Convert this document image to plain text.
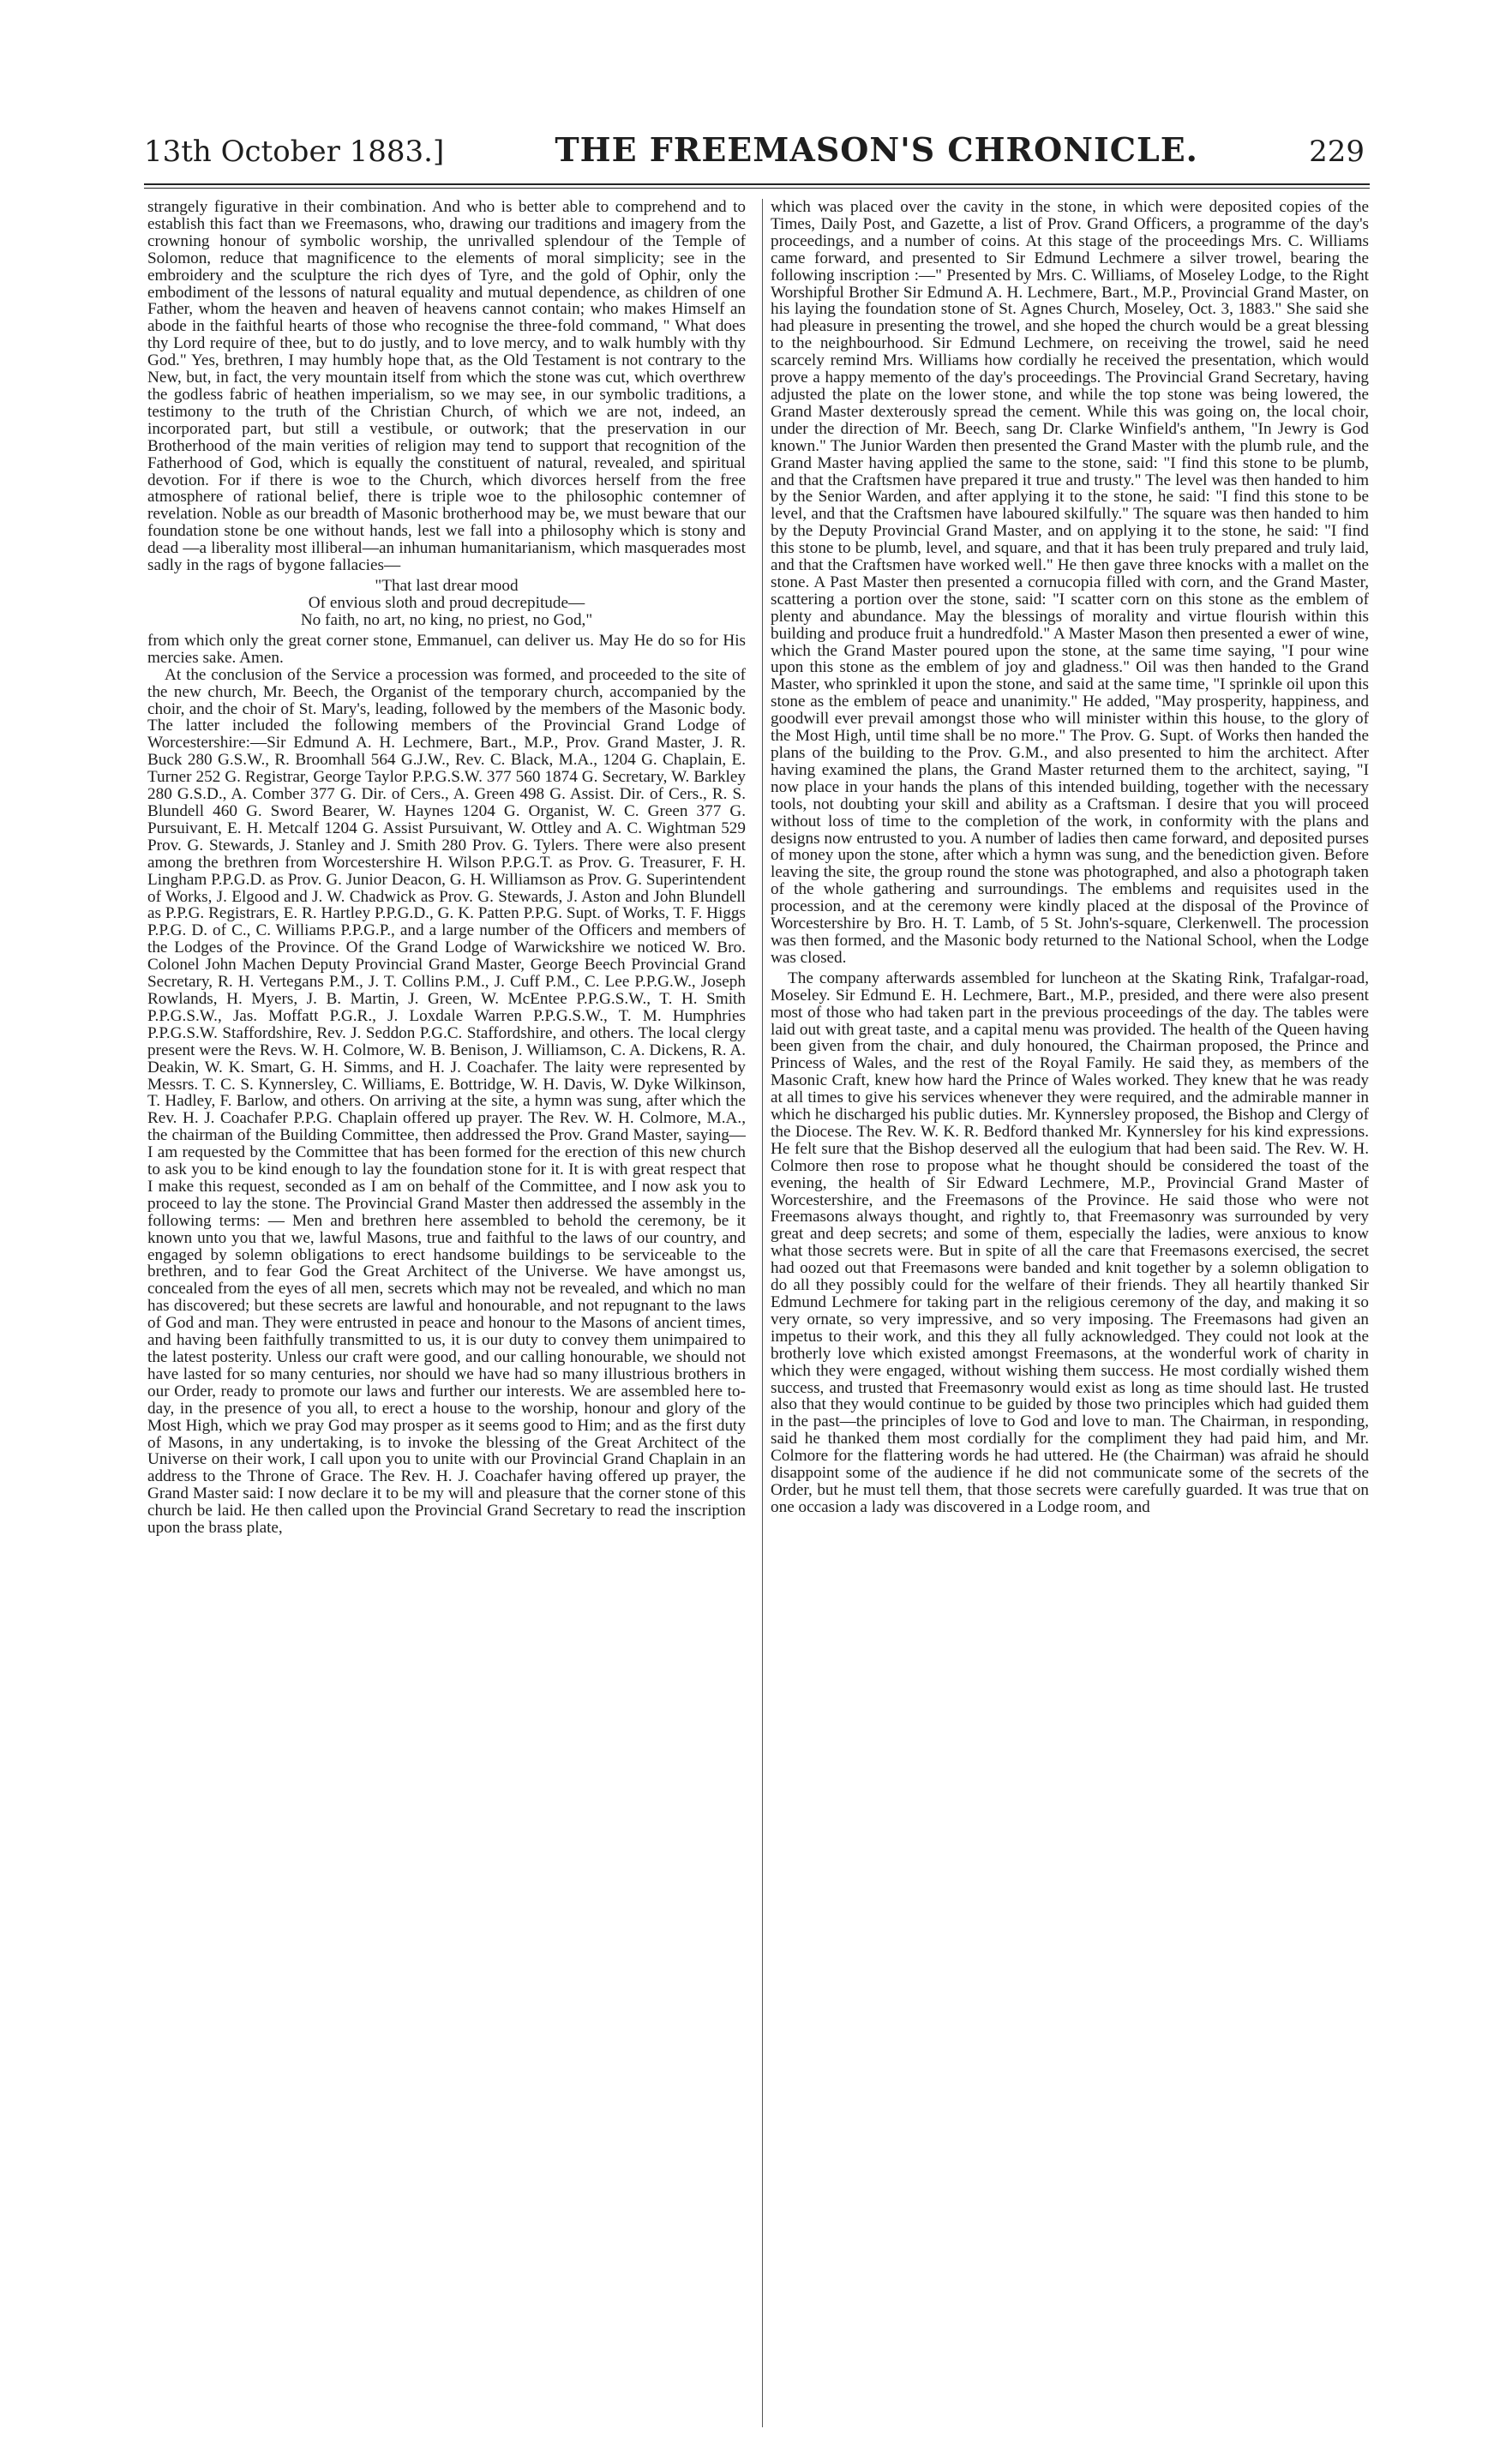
13th October 1883.]	THE FREEMASON'S CHRONICLE.	229

strangely figurative in their combination. And who is better able to comprehend and to establish this fact than we Freemasons, who, drawing our traditions and imagery from the crowning honour of symbolic worship, the unrivalled splendour of the Temple of Solomon, reduce that magnificence to the elements of moral simplicity; see in the embroidery and the sculpture the rich dyes of Tyre, and the gold of Ophir, only the embodiment of the lessons of natural equality and mutual dependence, as children of one Father, whom the heaven and heaven of heavens cannot contain; who makes Himself an abode in the faithful hearts of those who recognise the three-fold command, " What does thy Lord require of thee, but to do justly, and to love mercy, and to walk humbly with thy God." Yes, brethren, I may humbly hope that, as the Old Testament is not contrary to the New, but, in fact, the very mountain itself from which the stone was cut, which overthrew the godless fabric of heathen imperialism, so we may see, in our symbolic traditions, a testimony to the truth of the Christian Church, of which we are not, indeed, an incorporated part, but still a vestibule, or outwork; that the preservation in our Brotherhood of the main verities of religion may tend to support that recognition of the Fatherhood of God, which is equally the constituent of natural, revealed, and spiritual devotion. For if there is woe to the Church, which divorces herself from the free atmosphere of rational belief, there is triple woe to the philosophic contemner of revelation. Noble as our breadth of Masonic brotherhood may be, we must beware that our foundation stone be one without hands, lest we fall into a philosophy which is stony and dead —a liberality most illiberal—an inhuman humanitarianism, which masquerades most sadly in the rags of bygone fallacies—

"That last drear mood
Of envious sloth and proud decrepitude—
No faith, no art, no king, no priest, no God,"

from which only the great corner stone, Emmanuel, can deliver us. May He do so for His mercies sake. Amen.

At the conclusion of the Service a procession was formed, and proceeded to the site of the new church, Mr. Beech, the Organist of the temporary church, accompanied by the choir, and the choir of St. Mary's, leading, followed by the members of the Masonic body. The latter included the following members of the Provincial Grand Lodge of Worcestershire:—Sir Edmund A. H. Lechmere, Bart., M.P., Prov. Grand Master, J. R. Buck 280 G.S.W., R. Broomhall 564 G.J.W., Rev. C. Black, M.A., 1204 G. Chaplain, E. Turner 252 G. Registrar, George Taylor P.P.G.S.W. 377 560 1874 G. Secretary, W. Barkley 280 G.S.D., A. Comber 377 G. Dir. of Cers., A. Green 498 G. Assist. Dir. of Cers., R. S. Blundell 460 G. Sword Bearer, W. Haynes 1204 G. Organist, W. C. Green 377 G. Pursuivant, E. H. Metcalf 1204 G. Assist Pursuivant, W. Ottley and A. C. Wightman 529 Prov. G. Stewards, J. Stanley and J. Smith 280 Prov. G. Tylers. There were also present among the brethren from Worcestershire H. Wilson P.P.G.T. as Prov. G. Treasurer, F. H. Lingham P.P.G.D. as Prov. G. Junior Deacon, G. H. Williamson as Prov. G. Superintendent of Works, J. Elgood and J. W. Chadwick as Prov. G. Stewards, J. Aston and John Blundell as P.P.G. Registrars, E. R. Hartley P.P.G.D., G. K. Patten P.P.G. Supt. of Works, T. F. Higgs P.P.G. D. of C., C. Williams P.P.G.P., and a large number of the Officers and members of the Lodges of the Province. Of the Grand Lodge of Warwickshire we noticed W. Bro. Colonel John Machen Deputy Provincial Grand Master, George Beech Provincial Grand Secretary, R. H. Vertegans P.M., J. T. Collins P.M., J. Cuff P.M., C. Lee P.P.G.W., Joseph Rowlands, H. Myers, J. B. Martin, J. Green, W. McEntee P.P.G.S.W., T. H. Smith P.P.G.S.W., Jas. Moffatt P.G.R., J. Loxdale Warren P.P.G.S.W., T. M. Humphries P.P.G.S.W. Staffordshire, Rev. J. Seddon P.G.C. Staffordshire, and others. The local clergy present were the Revs. W. H. Colmore, W. B. Benison, J. Williamson, C. A. Dickens, R. A. Deakin, W. K. Smart, G. H. Simms, and H. J. Coachafer. The laity were represented by Messrs. T. C. S. Kynnersley, C. Williams, E. Bottridge, W. H. Davis, W. Dyke Wilkinson, T. Hadley, F. Barlow, and others. On arriving at the site, a hymn was sung, after which the Rev. H. J. Coachafer P.P.G. Chaplain offered up prayer. The Rev. W. H. Colmore, M.A., the chairman of the Building Committee, then addressed the Prov. Grand Master, saying—I am requested by the Committee that has been formed for the erection of this new church to ask you to be kind enough to lay the foundation stone for it. It is with great respect that I make this request, seconded as I am on behalf of the Committee, and I now ask you to proceed to lay the stone. The Provincial Grand Master then addressed the assembly in the following terms: — Men and brethren here assembled to behold the ceremony, be it known unto you that we, lawful Masons, true and faithful to the laws of our country, and engaged by solemn obligations to erect handsome buildings to be serviceable to the brethren, and to fear God the Great Architect of the Universe. We have amongst us, concealed from the eyes of all men, secrets which may not be revealed, and which no man has discovered; but these secrets are lawful and honourable, and not repugnant to the laws of God and man. They were entrusted in peace and honour to the Masons of ancient times, and having been faithfully transmitted to us, it is our duty to convey them unimpaired to the latest posterity. Unless our craft were good, and our calling honourable, we should not have lasted for so many centuries, nor should we have had so many illustrious brothers in our Order, ready to promote our laws and further our interests. We are assembled here to-day, in the presence of you all, to erect a house to the worship, honour and glory of the Most High, which we pray God may prosper as it seems good to Him; and as the first duty of Masons, in any undertaking, is to invoke the blessing of the Great Architect of the Universe on their work, I call upon you to unite with our Provincial Grand Chaplain in an address to the Throne of Grace. The Rev. H. J. Coachafer having offered up prayer, the Grand Master said: I now declare it to be my will and pleasure that the corner stone of this church be laid. He then called upon the Provincial Grand Secretary to read the inscription upon the brass plate,

which was placed over the cavity in the stone, in which were deposited copies of the Times, Daily Post, and Gazette, a list of Prov. Grand Officers, a programme of the day's proceedings, and a number of coins. At this stage of the proceedings Mrs. C. Williams came forward, and presented to Sir Edmund Lechmere a silver trowel, bearing the following inscription :—" Presented by Mrs. C. Williams, of Moseley Lodge, to the Right Worshipful Brother Sir Edmund A. H. Lechmere, Bart., M.P., Provincial Grand Master, on his laying the foundation stone of St. Agnes Church, Moseley, Oct. 3, 1883." She said she had pleasure in presenting the trowel, and she hoped the church would be a great blessing to the neighbourhood. Sir Edmund Lechmere, on receiving the trowel, said he need scarcely remind Mrs. Williams how cordially he received the presentation, which would prove a happy memento of the day's proceedings. The Provincial Grand Secretary, having adjusted the plate on the lower stone, and while the top stone was being lowered, the Grand Master dexterously spread the cement. While this was going on, the local choir, under the direction of Mr. Beech, sang Dr. Clarke Winfield's anthem, "In Jewry is God known." The Junior Warden then presented the Grand Master with the plumb rule, and the Grand Master having applied the same to the stone, said: "I find this stone to be plumb, and that the Craftsmen have prepared it true and trusty." The level was then handed to him by the Senior Warden, and after applying it to the stone, he said: "I find this stone to be level, and that the Craftsmen have laboured skilfully." The square was then handed to him by the Deputy Provincial Grand Master, and on applying it to the stone, he said: "I find this stone to be plumb, level, and square, and that it has been truly prepared and truly laid, and that the Craftsmen have worked well." He then gave three knocks with a mallet on the stone. A Past Master then presented a cornucopia filled with corn, and the Grand Master, scattering a portion over the stone, said: "I scatter corn on this stone as the emblem of plenty and abundance. May the blessings of morality and virtue flourish within this building and produce fruit a hundredfold." A Master Mason then presented a ewer of wine, which the Grand Master poured upon the stone, at the same time saying, "I pour wine upon this stone as the emblem of joy and gladness." Oil was then handed to the Grand Master, who sprinkled it upon the stone, and said at the same time, "I sprinkle oil upon this stone as the emblem of peace and unanimity." He added, "May prosperity, happiness, and goodwill ever prevail amongst those who will minister within this house, to the glory of the Most High, until time shall be no more." The Prov. G. Supt. of Works then handed the plans of the building to the Prov. G.M., and also presented to him the architect. After having examined the plans, the Grand Master returned them to the architect, saying, "I now place in your hands the plans of this intended building, together with the necessary tools, not doubting your skill and ability as a Craftsman. I desire that you will proceed without loss of time to the completion of the work, in conformity with the plans and designs now entrusted to you. A number of ladies then came forward, and deposited purses of money upon the stone, after which a hymn was sung, and the benediction given. Before leaving the site, the group round the stone was photographed, and also a photograph taken of the whole gathering and surroundings. The emblems and requisites used in the procession, and at the ceremony were kindly placed at the disposal of the Province of Worcestershire by Bro. H. T. Lamb, of 5 St. John's-square, Clerkenwell. The procession was then formed, and the Masonic body returned to the National School, when the Lodge was closed.

The company afterwards assembled for luncheon at the Skating Rink, Trafalgar-road, Moseley. Sir Edmund E. H. Lechmere, Bart., M.P., presided, and there were also present most of those who had taken part in the previous proceedings of the day. The tables were laid out with great taste, and a capital menu was provided. The health of the Queen having been given from the chair, and duly honoured, the Chairman proposed, the Prince and Princess of Wales, and the rest of the Royal Family. He said they, as members of the Masonic Craft, knew how hard the Prince of Wales worked. They knew that he was ready at all times to give his services whenever they were required, and the admirable manner in which he discharged his public duties. Mr. Kynnersley proposed, the Bishop and Clergy of the Diocese. The Rev. W. K. R. Bedford thanked Mr. Kynnersley for his kind expressions. He felt sure that the Bishop deserved all the eulogium that had been said. The Rev. W. H. Colmore then rose to propose what he thought should be considered the toast of the evening, the health of Sir Edward Lechmere, M.P., Provincial Grand Master of Worcestershire, and the Freemasons of the Province. He said those who were not Freemasons always thought, and rightly to, that Freemasonry was surrounded by very great and deep secrets; and some of them, especially the ladies, were anxious to know what those secrets were. But in spite of all the care that Freemasons exercised, the secret had oozed out that Freemasons were banded and knit together by a solemn obligation to do all they possibly could for the welfare of their friends. They all heartily thanked Sir Edmund Lechmere for taking part in the religious ceremony of the day, and making it so very ornate, so very impressive, and so very imposing. The Freemasons had given an impetus to their work, and this they all fully acknowledged. They could not look at the brotherly love which existed amongst Freemasons, at the wonderful work of charity in which they were engaged, without wishing them success. He most cordially wished them success, and trusted that Freemasonry would exist as long as time should last. He trusted also that they would continue to be guided by those two principles which had guided them in the past—the principles of love to God and love to man. The Chairman, in responding, said he thanked them most cordially for the compliment they had paid him, and Mr. Colmore for the flattering words he had uttered. He (the Chairman) was afraid he should disappoint some of the audience if he did not communicate some of the secrets of the Order, but he must tell them, that those secrets were carefully guarded. It was true that on one occasion a lady was discovered in a Lodge room, and
